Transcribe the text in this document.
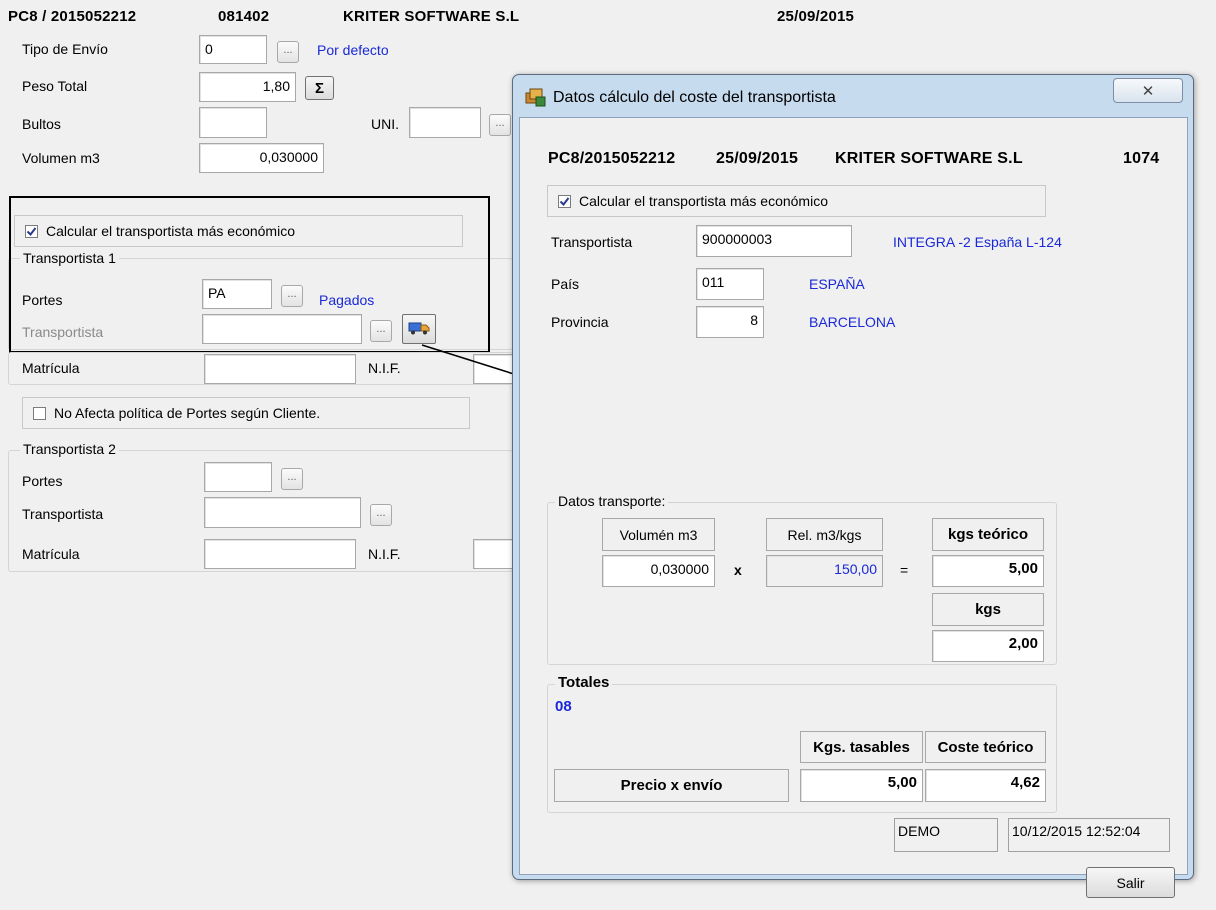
PC8 / 2015052212	081402	KRITER SOFTWARE S.L	25/09/2015
Tipo de Envío	0	...	Por defecto
Peso Total	1,80	Σ
Bultos	UNI.	...
Volumen m3	0,030000
Transportista 1
Portes	PA	...	Pagados
Transportista	...
Calcular el transportista más económico
Matrícula	N.I.F.
No Afecta política de Portes según Cliente.
Transportista 2
Portes	...
Transportista	...
Matrícula	N.I.F.
Datos cálculo del coste del transportista	✕
PC8/2015052212	25/09/2015 KRITER SOFTWARE S.L	1074
Calcular el transportista más económico
Transportista	900000003	INTEGRA -2 España L-124
País	011	ESPAÑA
Provincia	8	BARCELONA
Datos transporte:
Volumén m3
0,030000	x
Rel. m3/kgs
150,00	=
kgs teórico
5,00
kgs
2,00
Totales
08
Kgs. tasables	Coste teórico
Precio x envío	5,00	4,62
DEMO	10/12/2015 12:52:04
Salir
